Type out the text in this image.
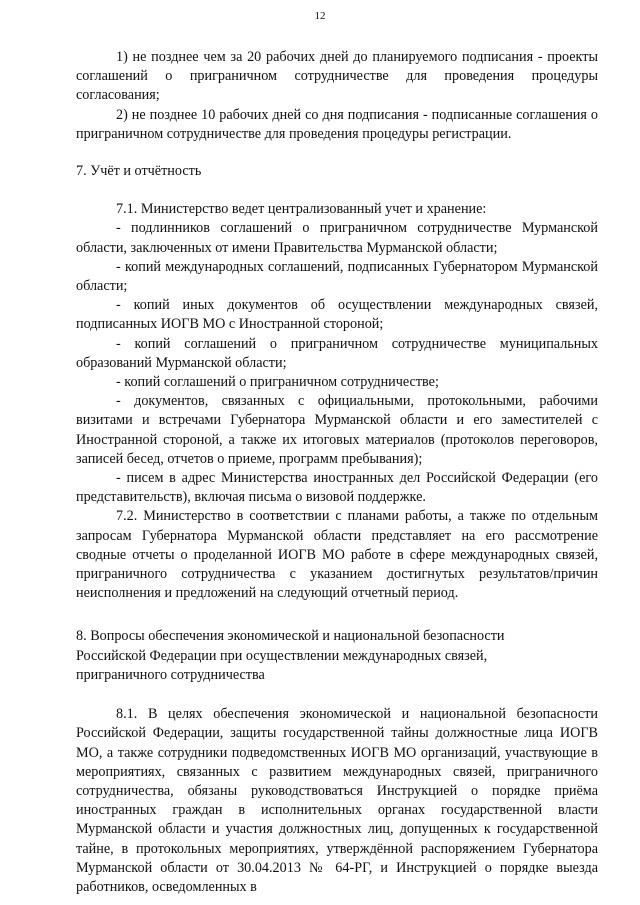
12

1) не позднее чем за 20 рабочих дней до планируемого подписания - проекты соглашений о приграничном сотрудничестве для проведения процедуры согласования;

2) не позднее 10 рабочих дней со дня подписания - подписанные соглашения о приграничном сотрудничестве для проведения процедуры регистрации.

7. Учёт и отчётность

7.1. Министерство ведет централизованный учет и хранение:

- подлинников соглашений о приграничном сотрудничестве Мурманской области, заключенных от имени Правительства Мурманской области;

- копий международных соглашений, подписанных Губернатором Мурманской области;

- копий иных документов об осуществлении международных связей, подписанных ИОГВ МО с Иностранной стороной;

- копий соглашений о приграничном сотрудничестве муниципальных образований Мурманской области;

- копий соглашений о приграничном сотрудничестве;

- документов, связанных с официальными, протокольными, рабочими визитами и встречами Губернатора Мурманской области и его заместителей с Иностранной стороной, а также их итоговых материалов (протоколов переговоров, записей бесед, отчетов о приеме, программ пребывания);

- писем в адрес Министерства иностранных дел Российской Федерации (его представительств), включая письма о визовой поддержке.

7.2. Министерство в соответствии с планами работы, а также по отдельным запросам Губернатора Мурманской области представляет на его рассмотрение сводные отчеты о проделанной ИОГВ МО работе в сфере международных связей, приграничного сотрудничества с указанием достигнутых результатов/причин неисполнения и предложений на следующий отчетный период.

8. Вопросы обеспечения экономической и национальной безопасности

Российской Федерации при осуществлении международных связей,

приграничного сотрудничества

8.1. В целях обеспечения экономической и национальной безопасности Российской Федерации, защиты государственной тайны должностные лица ИОГВ МО, а также сотрудники подведомственных ИОГВ МО организаций, участвующие в мероприятиях, связанных с развитием международных связей, приграничного сотрудничества, обязаны руководствоваться Инструкцией о порядке приёма иностранных граждан в исполнительных органах государственной власти Мурманской области и участия должностных лиц, допущенных к государственной тайне, в протокольных мероприятиях, утверждённой распоряжением Губернатора Мурманской области от 30.04.2013 № 64-РГ, и Инструкцией о порядке выезда работников, осведомленных в
